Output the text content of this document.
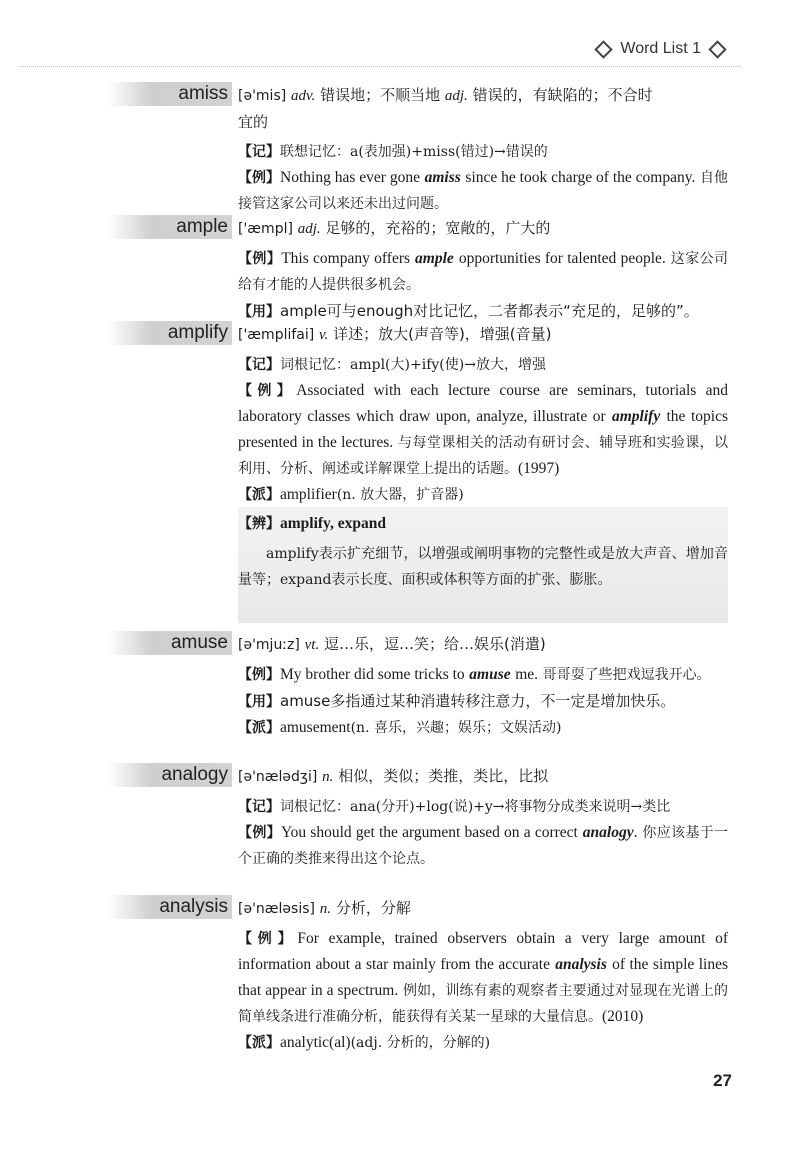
Word List 1
amiss [ə'mis] adv. 错误地；不顺当地 adj. 错误的，有缺陷的；不合时

宜的

【记】联想记忆：a(表加强)+miss(错过)→错误的

【例】Nothing has ever gone amiss since he took charge of the company. 自他接管这家公司以来还未出过问题。

ample ['æmpl] adj. 足够的，充裕的；宽敞的，广大的

【例】This company offers ample opportunities for talented people. 这家公司给有才能的人提供很多机会。

【用】ample可与enough对比记忆，二者都表示“充足的，足够的”。

amplify ['æmplifai] v. 详述；放大(声音等)，增强(音量)

【记】词根记忆：ampl(大)+ify(使)→放大，增强

【例】Associated with each lecture course are seminars, tutorials and laboratory classes which draw upon, analyze, illustrate or amplify the topics presented in the lectures. 与每堂课相关的活动有研讨会、辅导班和实验课，以利用、分析、阐述或详解课堂上提出的话题。(1997)

【派】amplifier(n. 放大器，扩音器)

【辨】amplify, expand
amplify表示扩充细节，以增强或阐明事物的完整性或是放大声音、增加音量等；expand表示长度、面积或体积等方面的扩张、膨胀。
amuse [ə'mjuːz] vt. 逗…乐，逗…笑；给…娱乐(消遣)

【例】My brother did some tricks to amuse me. 哥哥耍了些把戏逗我开心。

【用】amuse多指通过某种消遣转移注意力，不一定是增加快乐。

【派】amusement(n. 喜乐，兴趣；娱乐；文娱活动)

analogy [ə'nælədʒi] n. 相似，类似；类推，类比，比拟

【记】词根记忆：ana(分开)+log(说)+y→将事物分成类来说明→类比

【例】You should get the argument based on a correct analogy. 你应该基于一个正确的类推来得出这个论点。

analysis [ə'næləsis] n. 分析，分解

【例】For example, trained observers obtain a very large amount of information about a star mainly from the accurate analysis of the simple lines that appear in a spectrum. 例如，训练有素的观察者主要通过对显现在光谱上的简单线条进行准确分析，能获得有关某一星球的大量信息。(2010)

【派】analytic(al)(adj. 分析的，分解的)

27
